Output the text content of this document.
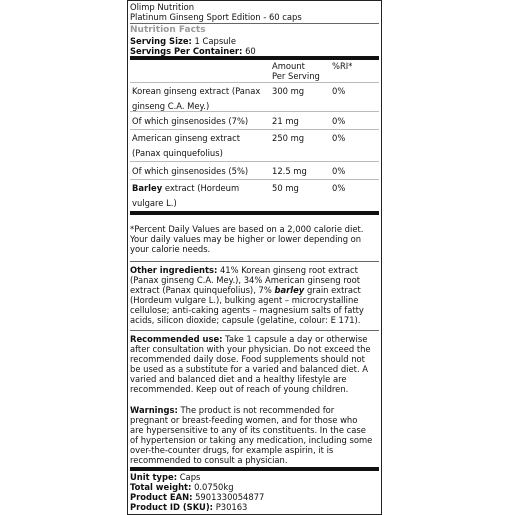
Olimp Nutrition
Platinum Ginseng Sport Edition - 60 caps
Nutrition Facts
Serving Size: 1 Capsule
Servings Per Container: 60

	Amount
Per Serving	%RI*

Korean ginseng extract (Panax
ginseng C.A. Mey.)	300 mg	0%
Of which ginsenosides (7%)	21 mg	0%

American ginseng extract
(Panax quinquefolius)	250 mg	0%
Of which ginsenosides (5%)	12.5 mg	0%

Barley extract (Hordeum
vulgare L.)	50 mg	0%
*Percent Daily Values are based on a 2,000 calorie diet.
Your daily values may be higher or lower depending on
your calorie needs.
Other ingredients: 41% Korean ginseng root extract
(Panax ginseng C.A. Mey.), 34% American ginseng root
extract (Panax quinquefolius), 7% barley grain extract
(Hordeum vulgare L.), bulking agent – microcrystalline
cellulose; anti-caking agents – magnesium salts of fatty
acids, silicon dioxide; capsule (gelatine, colour: E 171).
Recommended use: Take 1 capsule a day or otherwise
after consultation with your physician. Do not exceed the
recommended daily dose. Food supplements should not
be used as a substitute for a varied and balanced diet. A
varied and balanced diet and a healthy lifestyle are
recommended. Keep out of reach of young children.
Warnings: The product is not recommended for
pregnant or breast-feeding women, and for those who
are hypersensitive to any of its constituents. In the case
of hypertension or taking any medication, including some
over-the-counter drugs, for example aspirin, it is
recommended to consult a physician.
Unit type: Caps
Total weight: 0.0750kg
Product EAN: 5901330054877
Product ID (SKU): P30163
